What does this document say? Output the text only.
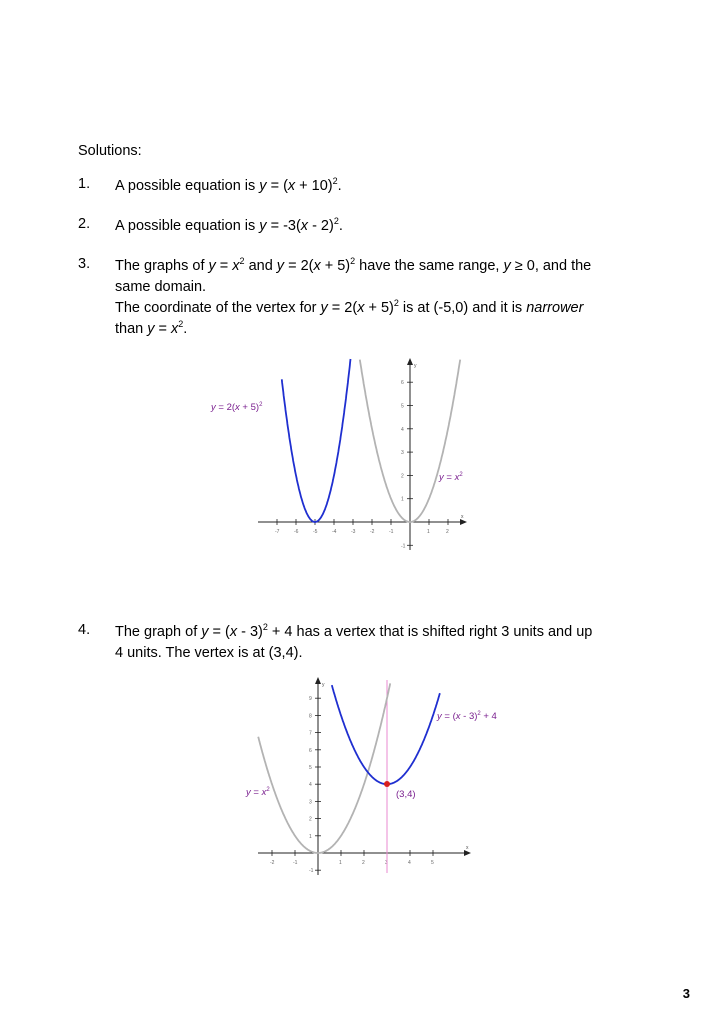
Solutions:
1. A possible equation is $y = (x + 10)^2$.
2. A possible equation is y = -3(x - 2)$^2$.
3. The graphs of $y = x^2$ and $y = 2(x + 5)^2$ have the same range, y ≥ 0, and the
same domain.
The coordinate of the vertex for $y = 2(x + 5)^2$ is at (-5,0) and it is narrower
than $y = x^2$.
4. The graph of y = (x - 3)$^2$ + 4 has a vertex that is shifted right 3 units and up
4 units. The vertex is at (3,4).
x
y
-7	-6	-5	-4	-3	-2	-1	1	2
6
5
4
3
2
1
-1
$y = 2(x + 5)^2$
$y = x^2$
x
y
-2	-1	1	2	3	4	5
9
8
7
6
5
4
3
2
1
-1
y = (x - 3)$^2$ + 4
$y = x^2$	(3,4)
3
